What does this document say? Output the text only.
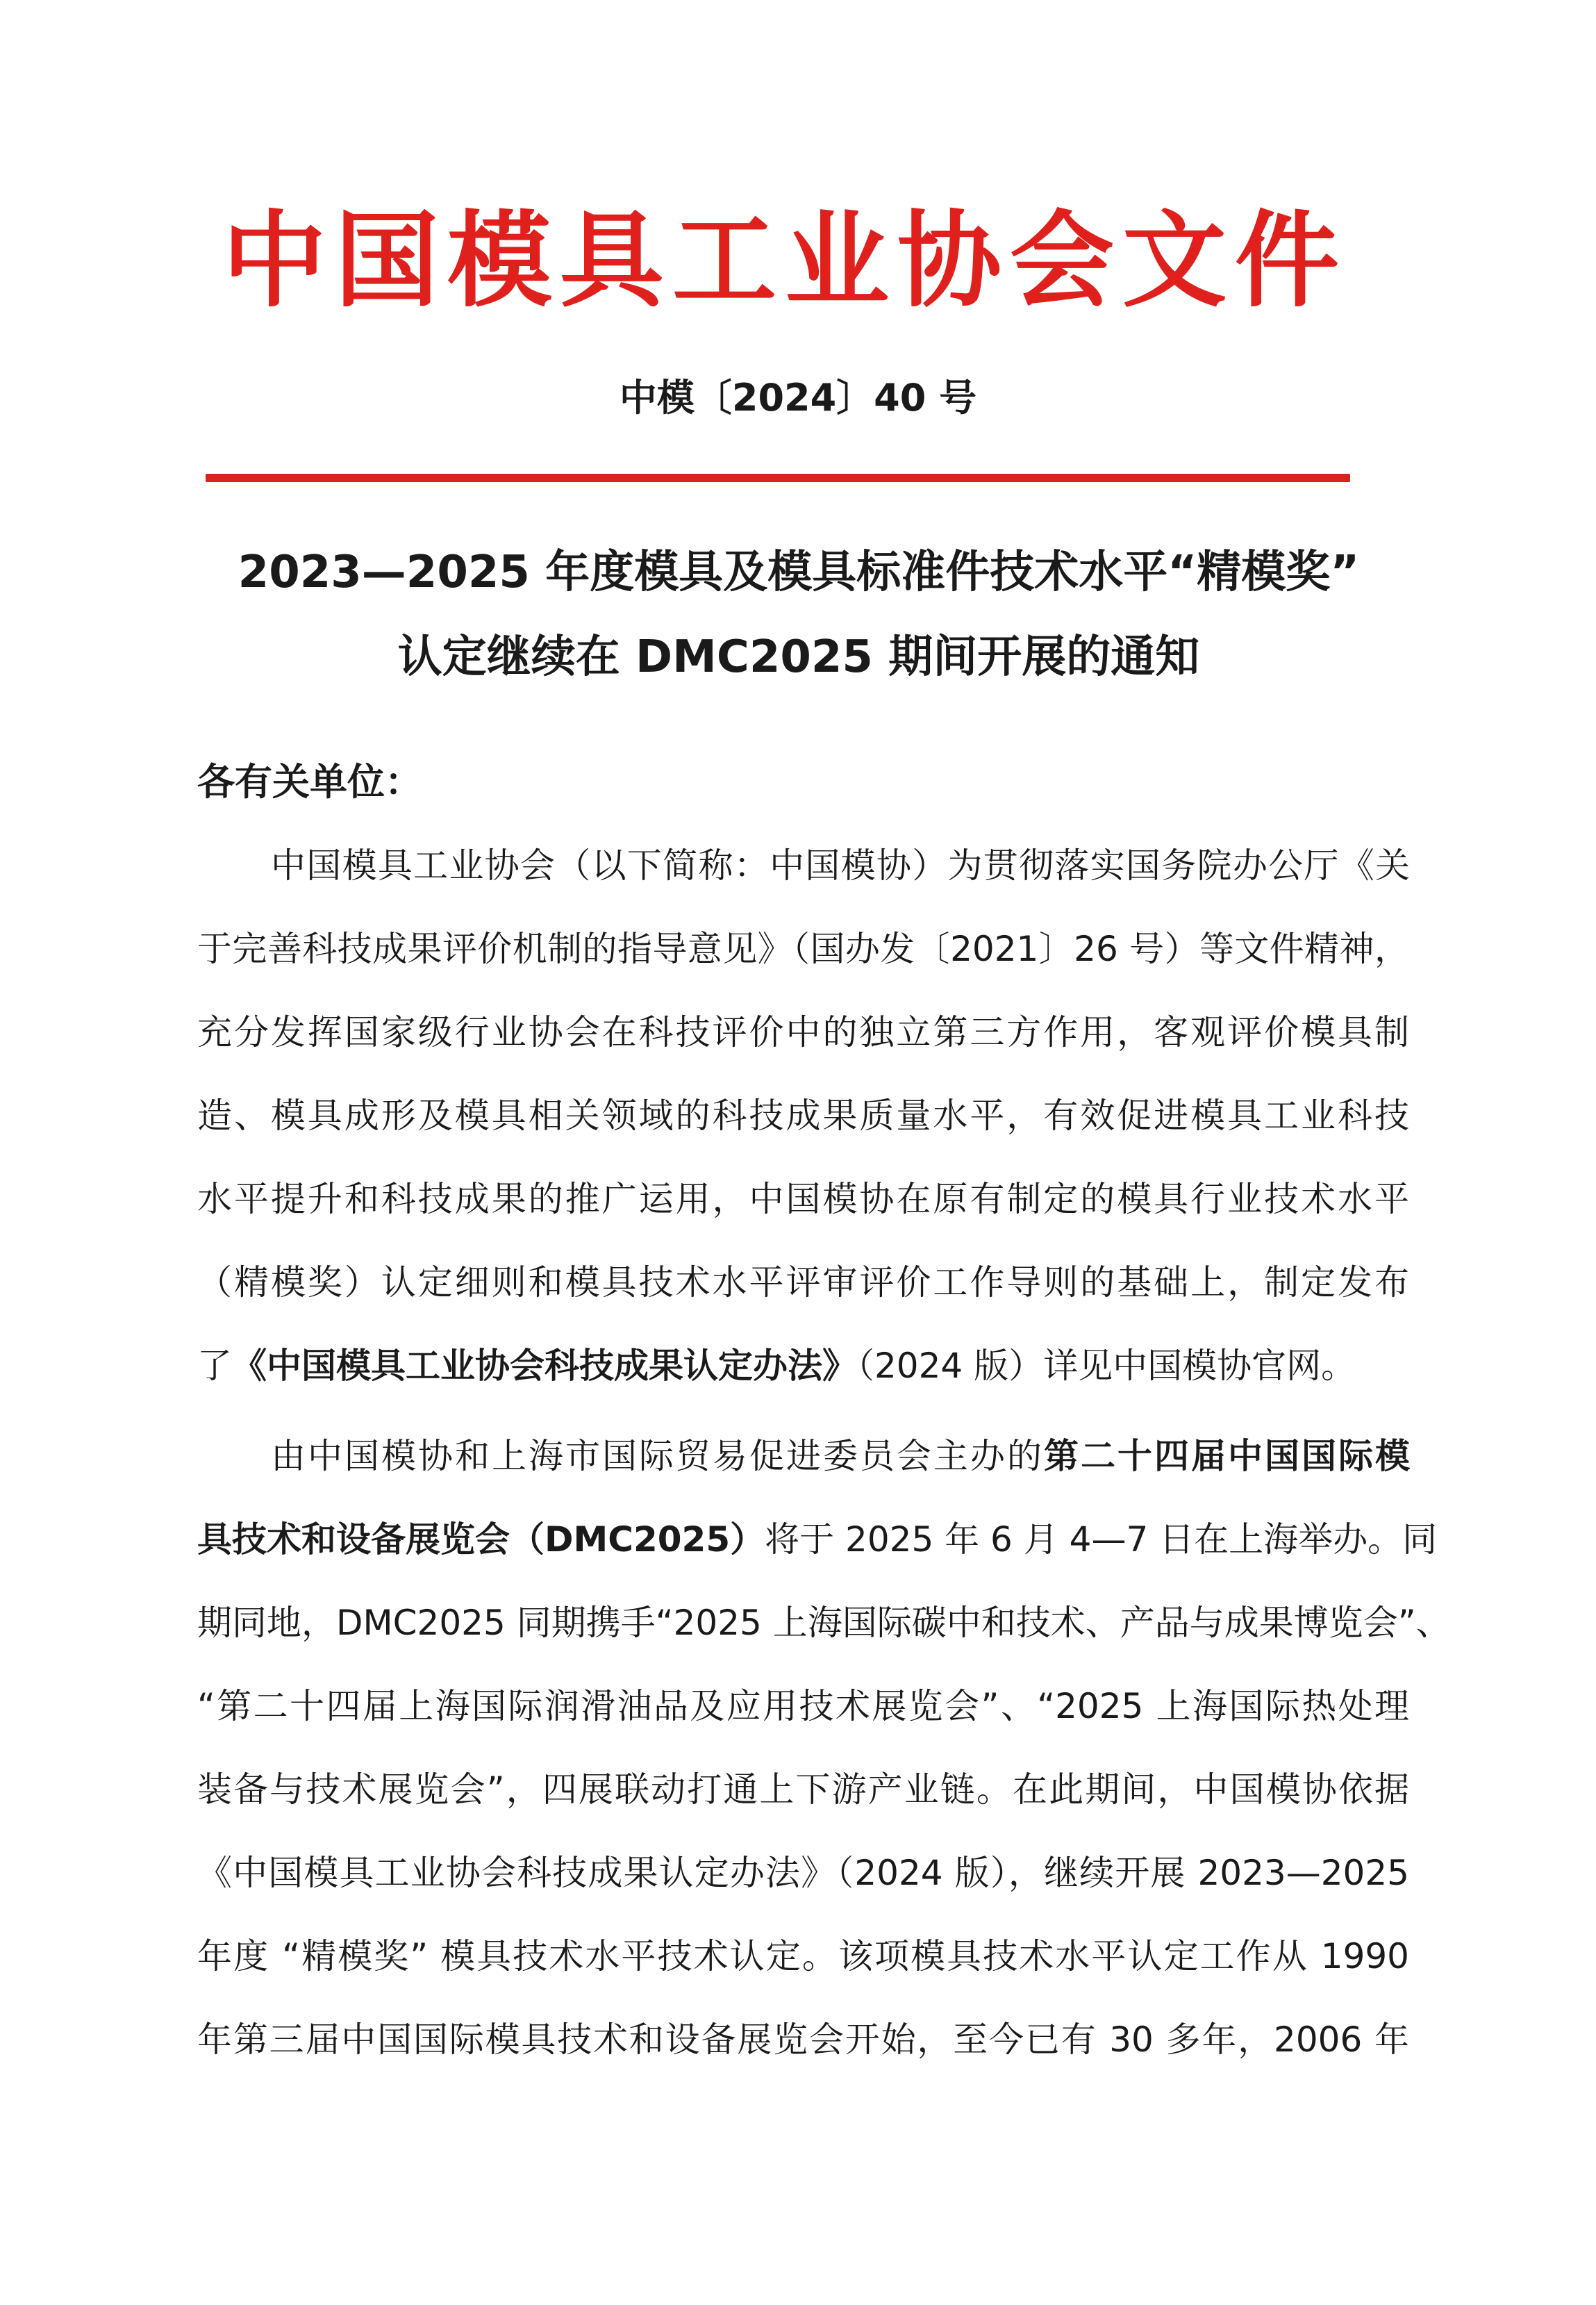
中国模具工业协会文件
中模〔2024〕40 号
2023—2025 年度模具及模具标准件技术水平“精模奖”
认定继续在 DMC2025 期间开展的通知
各有关单位：
中国模具工业协会（以下简称：中国模协）为贯彻落实国务院办公厅《关
于完善科技成果评价机制的指导意见》（国办发〔2021〕26 号）等文件精神，
充分发挥国家级行业协会在科技评价中的独立第三方作用，客观评价模具制
造、模具成形及模具相关领域的科技成果质量水平，有效促进模具工业科技
水平提升和科技成果的推广运用，中国模协在原有制定的模具行业技术水平
（精模奖）认定细则和模具技术水平评审评价工作导则的基础上，制定发布
了《中国模具工业协会科技成果认定办法》（2024 版）详见中国模协官网。
由中国模协和上海市国际贸易促进委员会主办的第二十四届中国国际模
具技术和设备展览会（DMC2025）将于 2025 年 6 月 4—7 日在上海举办。同
期同地，DMC2025 同期携手“2025 上海国际碳中和技术、产品与成果博览会”、
“第二十四届上海国际润滑油品及应用技术展览会”、“2025 上海国际热处理
装备与技术展览会”，四展联动打通上下游产业链。在此期间，中国模协依据
《中国模具工业协会科技成果认定办法》（2024 版），继续开展 2023—2025
年度 “精模奖” 模具技术水平技术认定。该项模具技术水平认定工作从 1990
年第三届中国国际模具技术和设备展览会开始，至今已有 30 多年，2006 年
